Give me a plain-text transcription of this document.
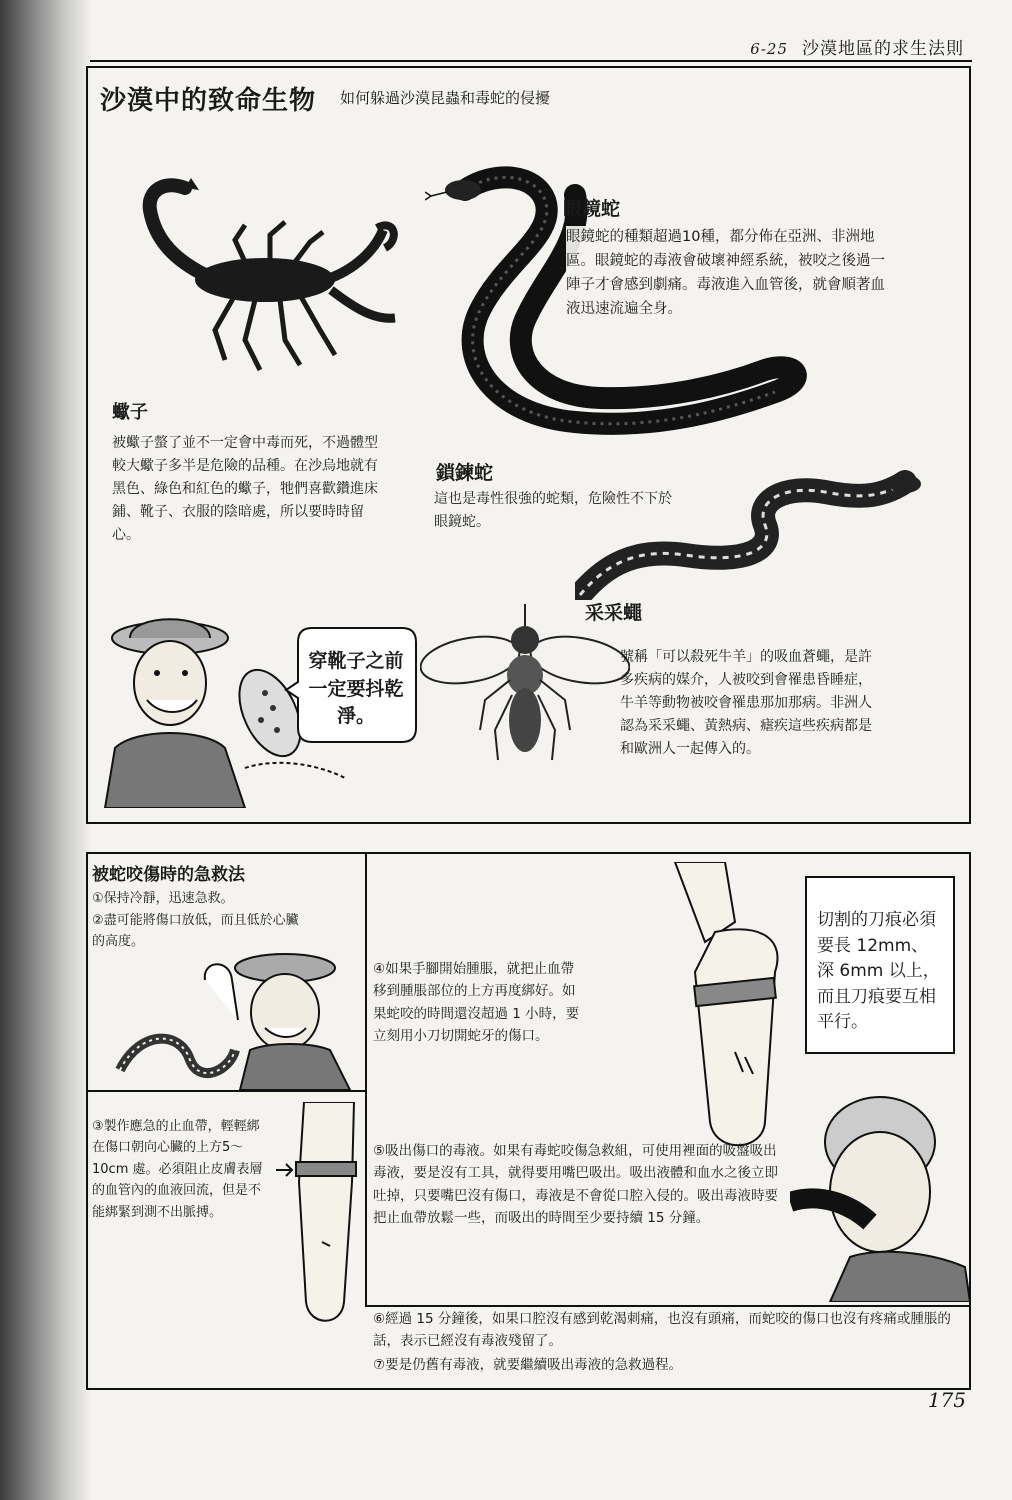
6-25 沙漠地區的求生法則
沙漠中的致命生物 如何躲過沙漠昆蟲和毒蛇的侵擾

眼鏡蛇

眼鏡蛇的種類超過10種，都分佈在亞洲、非洲地區。眼鏡蛇的毒液會破壞神經系統，被咬之後過一陣子才會感到劇痛。毒液進入血管後，就會順著血液迅速流遍全身。

蠍子

被蠍子螫了並不一定會中毒而死，不過體型較大蠍子多半是危險的品種。在沙烏地就有黑色、綠色和紅色的蠍子，牠們喜歡鑽進床鋪、靴子、衣服的陰暗處，所以要時時留心。

鎖鍊蛇

這也是毒性很強的蛇類，危險性不下於眼鏡蛇。

采采蠅

號稱「可以殺死牛羊」的吸血蒼蠅，是許多疾病的媒介，人被咬到會罹患昏睡症，牛羊等動物被咬會罹患那加那病。非洲人認為采采蠅、黃熱病、瘧疾這些疾病都是和歐洲人一起傳入的。

穿靴子之前一定要抖乾淨。
被蛇咬傷時的急救法

①保持冷靜，迅速急救。

②盡可能將傷口放低，而且低於心臟的高度。

④如果手腳開始腫脹，就把止血帶移到腫脹部位的上方再度綁好。如果蛇咬的時間還沒超過 1 小時，要立刻用小刀切開蛇牙的傷口。

切割的刀痕必須要長 12mm、深 6mm 以上，而且刀痕要互相平行。

③製作應急的止血帶，輕輕綁在傷口朝向心臟的上方5～10cm 處。必須阻止皮膚表層的血管內的血液回流，但是不能綁緊到測不出脈搏。

⑤吸出傷口的毒液。如果有毒蛇咬傷急救組，可使用裡面的吸盤吸出毒液，要是沒有工具，就得要用嘴巴吸出。吸出液體和血水之後立即吐掉，只要嘴巴沒有傷口，毒液是不會從口腔入侵的。吸出毒液時要把止血帶放鬆一些，而吸出的時間至少要持續 15 分鐘。

⑥經過 15 分鐘後，如果口腔沒有感到乾渴刺痛，也沒有頭痛，而蛇咬的傷口也沒有疼痛或腫脹的話，表示已經沒有毒液殘留了。

⑦要是仍舊有毒液，就要繼續吸出毒液的急救過程。

175
